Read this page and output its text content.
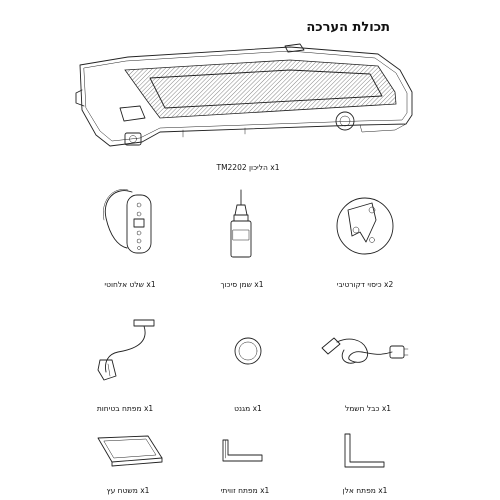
תכולת הערכה
x1 הליכון TM2202
x1 שלט אלחוטי	x1 שמן סיכוך	x2 כיסוי דקורטיבי
x1 מפתח בטיחות	x1 מגנט	x1 כבל חשמל
x1 משטח עץ	x1 מפתח זוויתי	x1 מפתח אלן
